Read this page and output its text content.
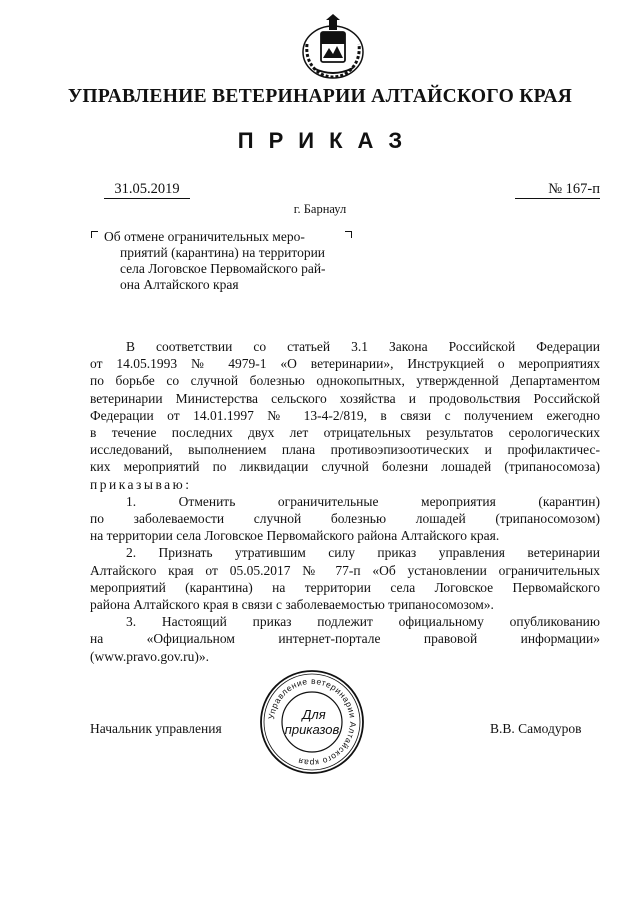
УПРАВЛЕНИЕ ВЕТЕРИНАРИИ АЛТАЙСКОГО КРАЯ
ПРИКАЗ
31.05.2019	№ 167-п
г. Барнаул
Об отмене ограничительных меро-
приятий (карантина) на территории
села Логовское Первомайского рай-
она Алтайского края

В соответствии со статьей 3.1 Закона Российской Федерации
от 14.05.1993 № 4979-1 «О ветеринарии», Инструкцией о мероприятиях
по борьбе со случной болезнью однокопытных, утвержденной Департаментом
ветеринарии Министерства сельского хозяйства и продовольствия Российской
Федерации от 14.01.1997 № 13-4-2/819, в связи с получением ежегодно
в течение последних двух лет отрицательных результатов серологических
исследований, выполнением плана противоэпизоотических и профилактичес-
ких мероприятий по ликвидации случной болезни лошадей (трипаносомоза)
приказываю:

1. Отменить ограничительные мероприятия (карантин)
по заболеваемости случной болезнью лошадей (трипаносомозом)
на территории села Логовское Первомайского района Алтайского края.

2. Признать утратившим силу приказ управления ветеринарии
Алтайского края от 05.05.2017 № 77-п «Об установлении ограничительных
мероприятий (карантина) на территории села Логовское Первомайского
района Алтайского края в связи с заболеваемостью трипаносомозом».

3. Настоящий приказ подлежит официальному опубликованию
на «Официальном интернет-портале правовой информации»
(www.pravo.gov.ru)».

Начальник управления	В.В. Самодуров
Управление ветеринарии Алтайского края
Для
приказов
